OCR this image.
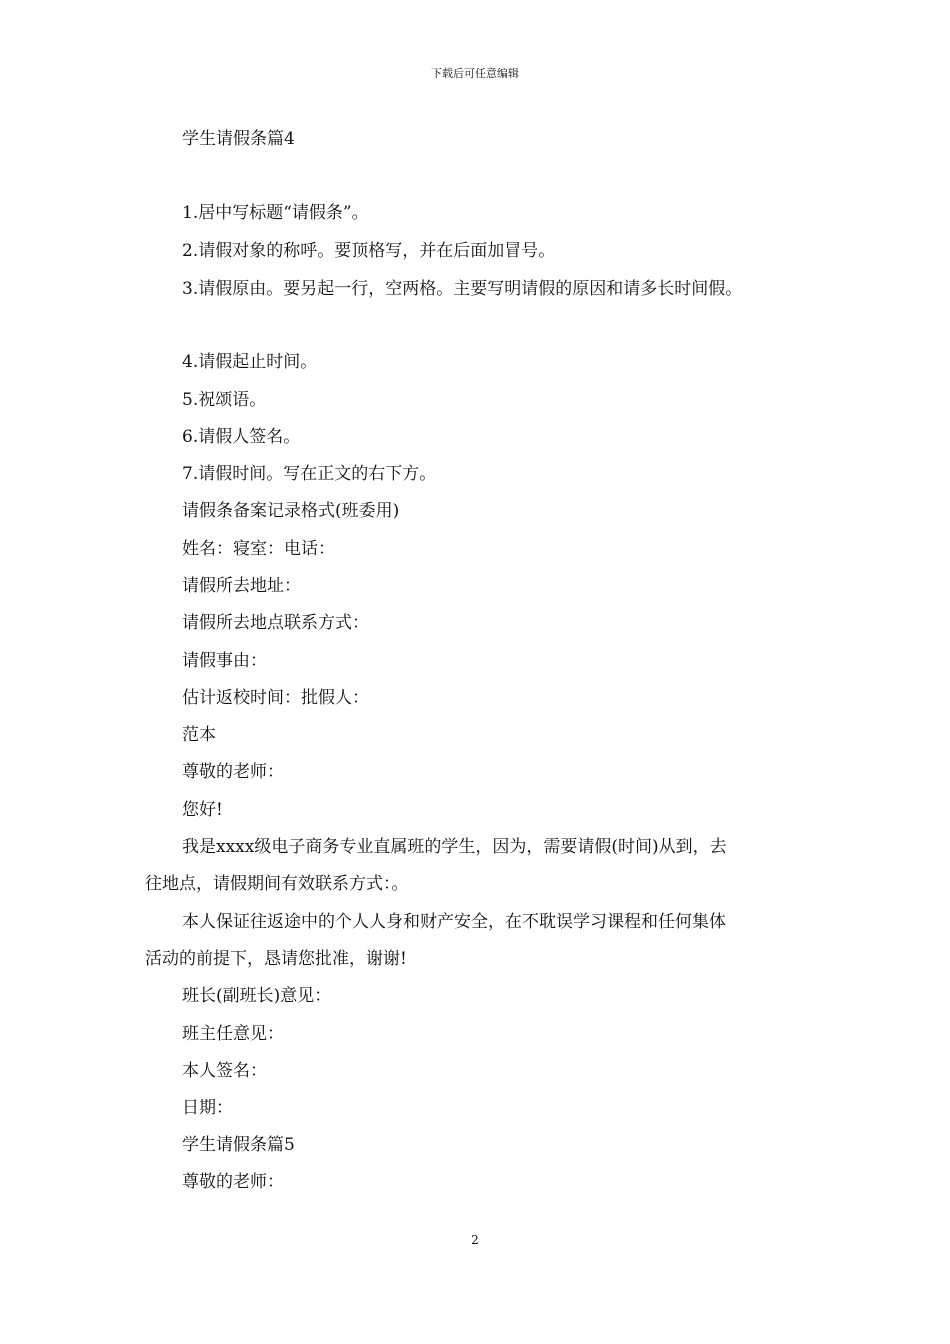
下载后可任意编辑
学生请假条篇4
1.居中写标题“请假条”。
2.请假对象的称呼。要顶格写，并在后面加冒号。
3.请假原由。要另起一行，空两格。主要写明请假的原因和请多长时间假。
4.请假起止时间。
5.祝颂语。
6.请假人签名。
7.请假时间。写在正文的右下方。
请假条备案记录格式(班委用)
姓名：寝室：电话：
请假所去地址：
请假所去地点联系方式：
请假事由：
估计返校时间：批假人：
范本
尊敬的老师：
您好!
我是xxxx级电子商务专业直属班的学生，因为，需要请假(时间)从到，去
往地点，请假期间有效联系方式：。
本人保证往返途中的个人人身和财产安全，在不耽误学习课程和任何集体
活动的前提下，恳请您批准，谢谢!
班长(副班长)意见：
班主任意见：
本人签名：
日期：
学生请假条篇5
尊敬的老师：
2
